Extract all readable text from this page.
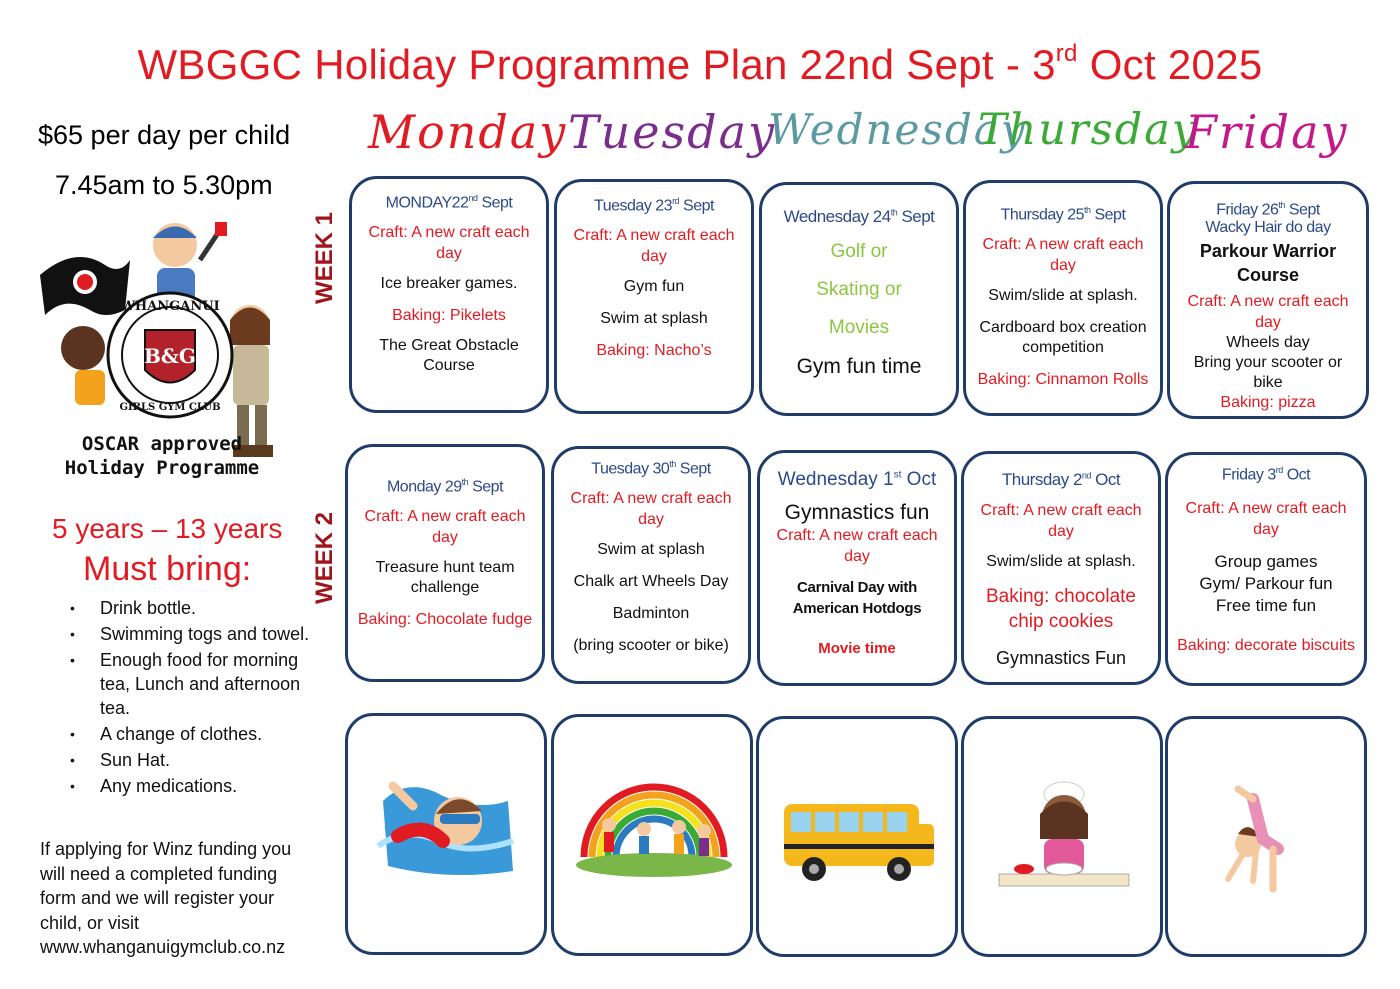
WBGGC Holiday Programme Plan 22nd Sept - 3rd Oct 2025
$65 per day per child
7.45am to 5.30pm
WHANGANUI
GIRLS GYM CLUB
B&G
OSCAR approved
Holiday Programme
5 years – 13 years
Must bring:
• Drink bottle.
• Swimming togs and towel.
• Enough food for morning tea, Lunch and afternoon tea.
• A change of clothes.
• Sun Hat.
• Any medications.
If applying for Winz funding you will need a completed funding form and we will register your child, or visit www.whanganuigymclub.co.nz
Monday Tuesday
Wednesday
Thursday
Friday
WEEK 1
WEEK 2
MONDAY22nd Sept
Craft: A new craft each day
Ice breaker games.
Baking: Pikelets
The Great Obstacle Course
Tuesday 23rd Sept
Craft: A new craft each day
Gym fun
Swim at splash
Baking: Nacho’s
Wednesday 24th Sept
Golf or
Skating or
Movies
Gym fun time
Thursday 25th Sept
Craft: A new craft each day
Swim/slide at splash.
Cardboard box creation competition
Baking: Cinnamon Rolls
Friday 26th Sept
Wacky Hair do day
Parkour Warrior Course
Craft: A new craft each day
Wheels day
Bring your scooter or bike
Baking: pizza
Monday 29th Sept
Craft: A new craft each day
Treasure hunt team challenge
Baking: Chocolate fudge
Tuesday 30th Sept
Craft: A new craft each day
Swim at splash
Chalk art Wheels Day
Badminton
(bring scooter or bike)
Wednesday 1st Oct
Gymnastics fun
Craft: A new craft each day
Carnival Day with American Hotdogs
Movie time
Thursday 2nd Oct
Craft: A new craft each day
Swim/slide at splash.
Baking: chocolate chip cookies
Gymnastics Fun
Friday 3rd Oct
Craft: A new craft each day
Group games
Gym/ Parkour fun
Free time fun
Baking: decorate biscuits
